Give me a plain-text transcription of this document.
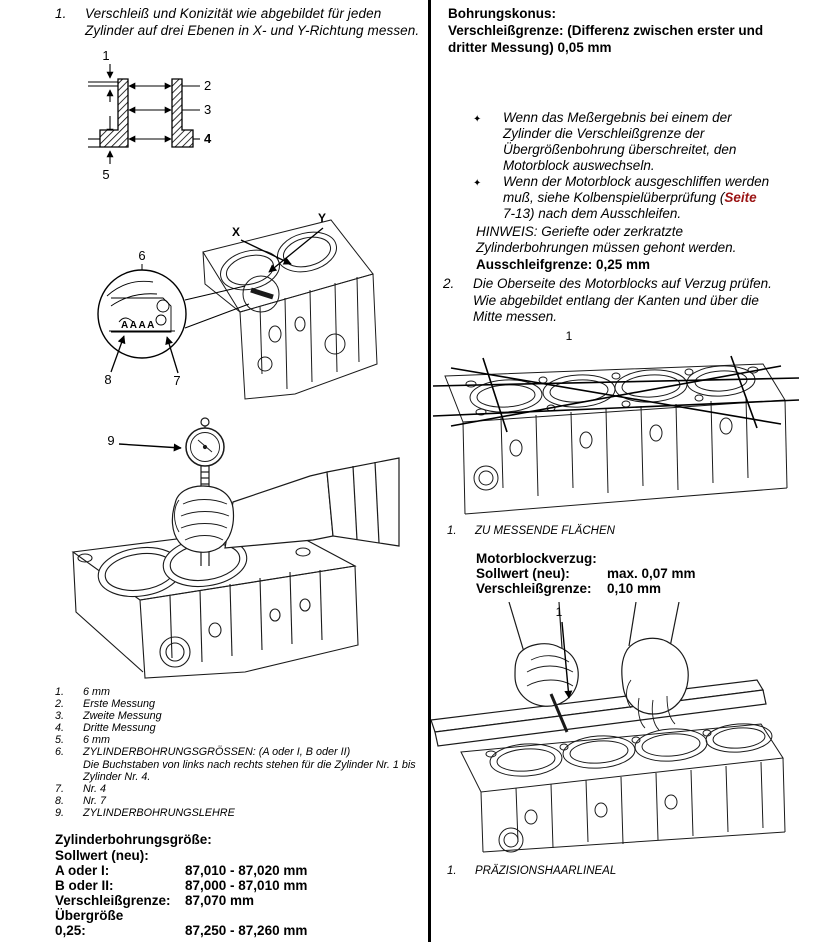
1.	Verschleiß und Konizität wie abgebildet für jeden
Zylinder auf drei Ebenen in X- und Y-Richtung messen.
1
5
2
3
4
X
Y
6
AAAA
8	7
9
1.	6 mm
2.	Erste Messung
3.	Zweite Messung
4.	Dritte Messung
5.	6 mm
6.	ZYLINDERBOHRUNGSGRÖSSEN: (A oder I, B oder II)
Die Buchstaben von links nach rechts stehen für die Zylinder Nr. 1 bis
Zylinder Nr. 4.
7.	Nr. 4
8.	Nr. 7
9.	ZYLINDERBOHRUNGSLEHRE
Zylinderbohrungsgröße:
Sollwert (neu):
A oder I:	87,010 - 87,020 mm
B oder II:	87,000 - 87,010 mm
Verschleißgrenze:	87,070 mm
Übergröße
0,25:	87,250 - 87,260 mm
Bohrungskonus:
Verschleißgrenze: (Differenz zwischen erster und
dritter Messung) 0,05 mm
✦	Wenn das Meßergebnis bei einem der
Zylinder die Verschleißgrenze der
Übergrößenbohrung überschreitet, den
Motorblock auswechseln.
✦	Wenn der Motorblock ausgeschliffen werden
muß, siehe Kolbenspielüberprüfung (Seite
7-13) nach dem Ausschleifen.
HINWEIS: Geriefte oder zerkratzte
Zylinderbohrungen müssen gehont werden.
Ausschleifgrenze: 0,25 mm
2.	Die Oberseite des Motorblocks auf Verzug prüfen.
Wie abgebildet entlang der Kanten und über die
Mitte messen.
1
1.	ZU MESSENDE FLÄCHEN
Motorblockverzug:
Sollwert (neu):	max. 0,07 mm
Verschleißgrenze:	0,10 mm
1
1.	PRÄZISIONSHAARLINEAL
